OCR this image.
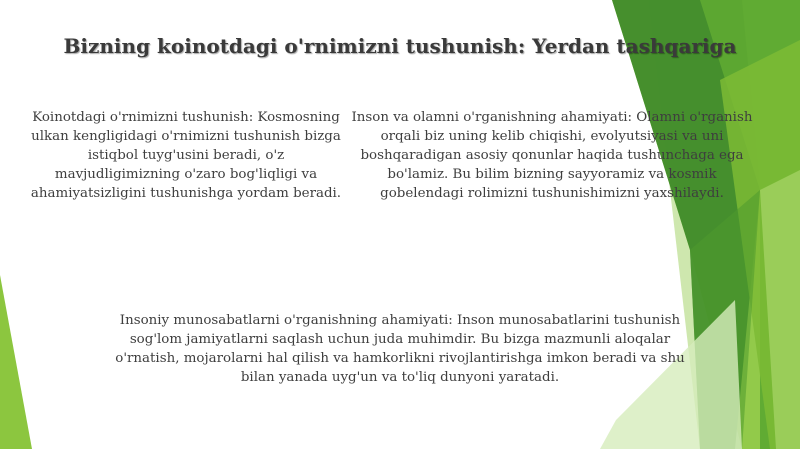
Bizning koinotdagi o'rnimizni tushunish: Yerdan tashqariga
Koinotdagi o'rnimizni tushunish: Kosmosning ulkan kengligidagi o'rnimizni tushunish bizga istiqbol tuyg'usini beradi, o'z mavjudligimizning o'zaro bog'liqligi va ahamiyatsizligini tushunishga yordam beradi.
Inson va olamni o'rganishning ahamiyati: Olamni o'rganish orqali biz uning kelib chiqishi, evolyutsiyasi va uni boshqaradigan asosiy qonunlar haqida tushunchaga ega bo'lamiz. Bu bilim bizning sayyoramiz va kosmik gobelendagi rolimizni tushunishimizni yaxshilaydi.
Insoniy munosabatlarni o'rganishning ahamiyati: Inson munosabatlarini tushunish sog'lom jamiyatlarni saqlash uchun juda muhimdir. Bu bizga mazmunli aloqalar o'rnatish, mojarolarni hal qilish va hamkorlikni rivojlantirishga imkon beradi va shu bilan yanada uyg'un va to'liq dunyoni yaratadi.
